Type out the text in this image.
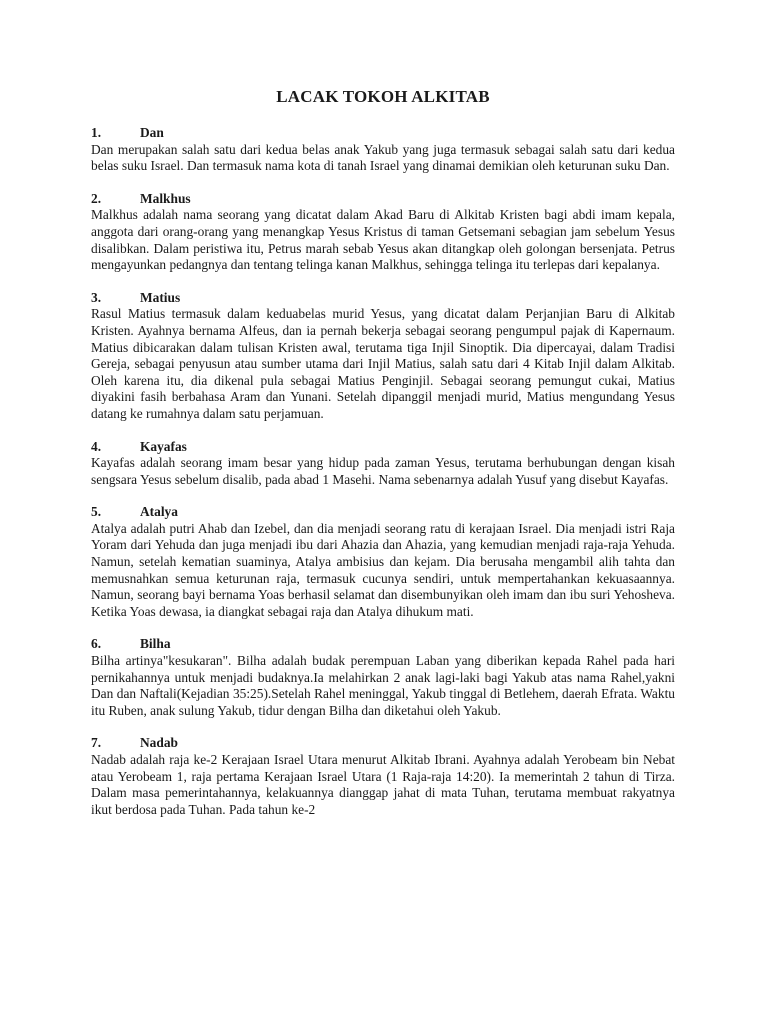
LACAK TOKOH ALKITAB
1.	Dan

Dan merupakan salah satu dari kedua belas anak Yakub yang juga termasuk sebagai salah satu dari kedua belas suku Israel. Dan termasuk nama kota di tanah Israel yang dinamai demikian oleh keturunan suku Dan.

2.	Malkhus

Malkhus adalah nama seorang yang dicatat dalam Akad Baru di Alkitab Kristen bagi abdi imam kepala, anggota dari orang-orang yang menangkap Yesus Kristus di taman Getsemani sebagian jam sebelum Yesus disalibkan. Dalam peristiwa itu, Petrus marah sebab Yesus akan ditangkap oleh golongan bersenjata. Petrus mengayunkan pedangnya dan tentang telinga kanan Malkhus, sehingga telinga itu terlepas dari kepalanya.

3.	Matius

Rasul Matius termasuk dalam keduabelas murid Yesus, yang dicatat dalam Perjanjian Baru di Alkitab Kristen. Ayahnya bernama Alfeus, dan ia pernah bekerja sebagai seorang pengumpul pajak di Kapernaum. Matius dibicarakan dalam tulisan Kristen awal, terutama tiga Injil Sinoptik. Dia dipercayai, dalam Tradisi Gereja, sebagai penyusun atau sumber utama dari Injil Matius, salah satu dari 4 Kitab Injil dalam Alkitab. Oleh karena itu, dia dikenal pula sebagai Matius Penginjil. Sebagai seorang pemungut cukai, Matius diyakini fasih berbahasa Aram dan Yunani. Setelah dipanggil menjadi murid, Matius mengundang Yesus datang ke rumahnya dalam satu perjamuan.

4.	Kayafas

Kayafas adalah seorang imam besar yang hidup pada zaman Yesus, terutama berhubungan dengan kisah sengsara Yesus sebelum disalib, pada abad 1 Masehi. Nama sebenarnya adalah Yusuf yang disebut Kayafas.

5.	Atalya

Atalya adalah putri Ahab dan Izebel, dan dia menjadi seorang ratu di kerajaan Israel. Dia menjadi istri Raja Yoram dari Yehuda dan juga menjadi ibu dari Ahazia dan Ahazia, yang kemudian menjadi raja-raja Yehuda. Namun, setelah kematian suaminya, Atalya ambisius dan kejam. Dia berusaha mengambil alih tahta dan memusnahkan semua keturunan raja, termasuk cucunya sendiri, untuk mempertahankan kekuasaannya. Namun, seorang bayi bernama Yoas berhasil selamat dan disembunyikan oleh imam dan ibu suri Yehosheva. Ketika Yoas dewasa, ia diangkat sebagai raja dan Atalya dihukum mati.

6.	Bilha

Bilha artinya"kesukaran". Bilha adalah budak perempuan Laban yang diberikan kepada Rahel pada hari pernikahannya untuk menjadi budaknya.Ia melahirkan 2 anak lagi-laki bagi Yakub atas nama Rahel,yakni Dan dan Naftali(Kejadian 35:25).Setelah Rahel meninggal, Yakub tinggal di Betlehem, daerah Efrata. Waktu itu Ruben, anak sulung Yakub, tidur dengan Bilha dan diketahui oleh Yakub.

7.	Nadab

Nadab adalah raja ke-2 Kerajaan Israel Utara menurut Alkitab Ibrani. Ayahnya adalah Yerobeam bin Nebat atau Yerobeam 1, raja pertama Kerajaan Israel Utara (1 Raja-raja 14:20). Ia memerintah 2 tahun di Tirza. Dalam masa pemerintahannya, kelakuannya dianggap jahat di mata Tuhan, terutama membuat rakyatnya ikut berdosa pada Tuhan. Pada tahun ke-2
